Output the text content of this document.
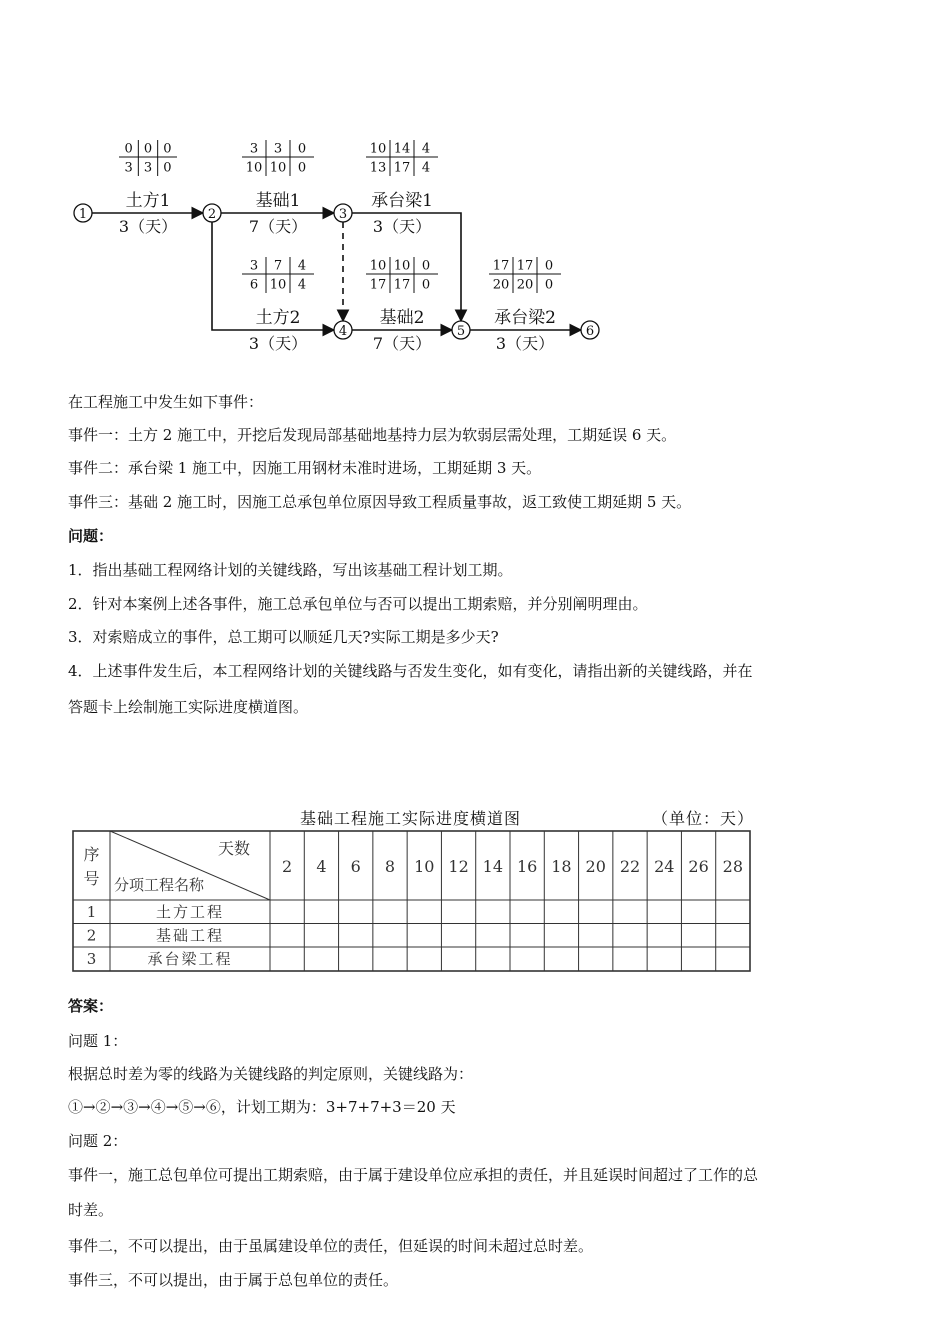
1	2	3
4	5	6
0 0 0
3 3 0
土方1
3（天）
3 3 0
10 10 0
基础1
7（天）
10 14 4
13 17 4
承台梁1
3（天）
3 7 4
6 10 4
土方2
3（天）
10 10 0
17 17 0
基础2
7（天）
17 17 0
20 20 0
承台梁2
3（天）
在工程施工中发生如下事件：
事件一：土方 2 施工中，开挖后发现局部基础地基持力层为软弱层需处理，工期延误 6 天。
事件二：承台梁 1 施工中，因施工用钢材未准时进场，工期延期 3 天。
事件三：基础 2 施工时，因施工总承包单位原因导致工程质量事故，返工致使工期延期 5 天。
问题：
1．指出基础工程网络计划的关键线路，写出该基础工程计划工期。
2．针对本案例上述各事件，施工总承包单位与否可以提出工期索赔，并分别阐明理由。
3．对索赔成立的事件，总工期可以顺延几天?实际工期是多少天?
4．上述事件发生后，本工程网络计划的关键线路与否发生变化，如有变化，请指出新的关键线路，并在
答题卡上绘制施工实际进度横道图。
基础工程施工实际进度横道图	（单位：天）
序
号
天数
分项工程名称
2 4 6 8 10 12 14 16 18 20 22 24 26 28
1	土方工程
2	基础工程
3	承台梁工程
答案：
问题 1：
根据总时差为零的线路为关键线路的判定原则，关键线路为：
①→②→③→④→⑤→⑥，计划工期为：3+7+7+3＝20 天
问题 2：
事件一，施工总包单位可提出工期索赔，由于属于建设单位应承担的责任，并且延误时间超过了工作的总
时差。
事件二，不可以提出，由于虽属建设单位的责任，但延误的时间未超过总时差。
事件三，不可以提出，由于属于总包单位的责任。
